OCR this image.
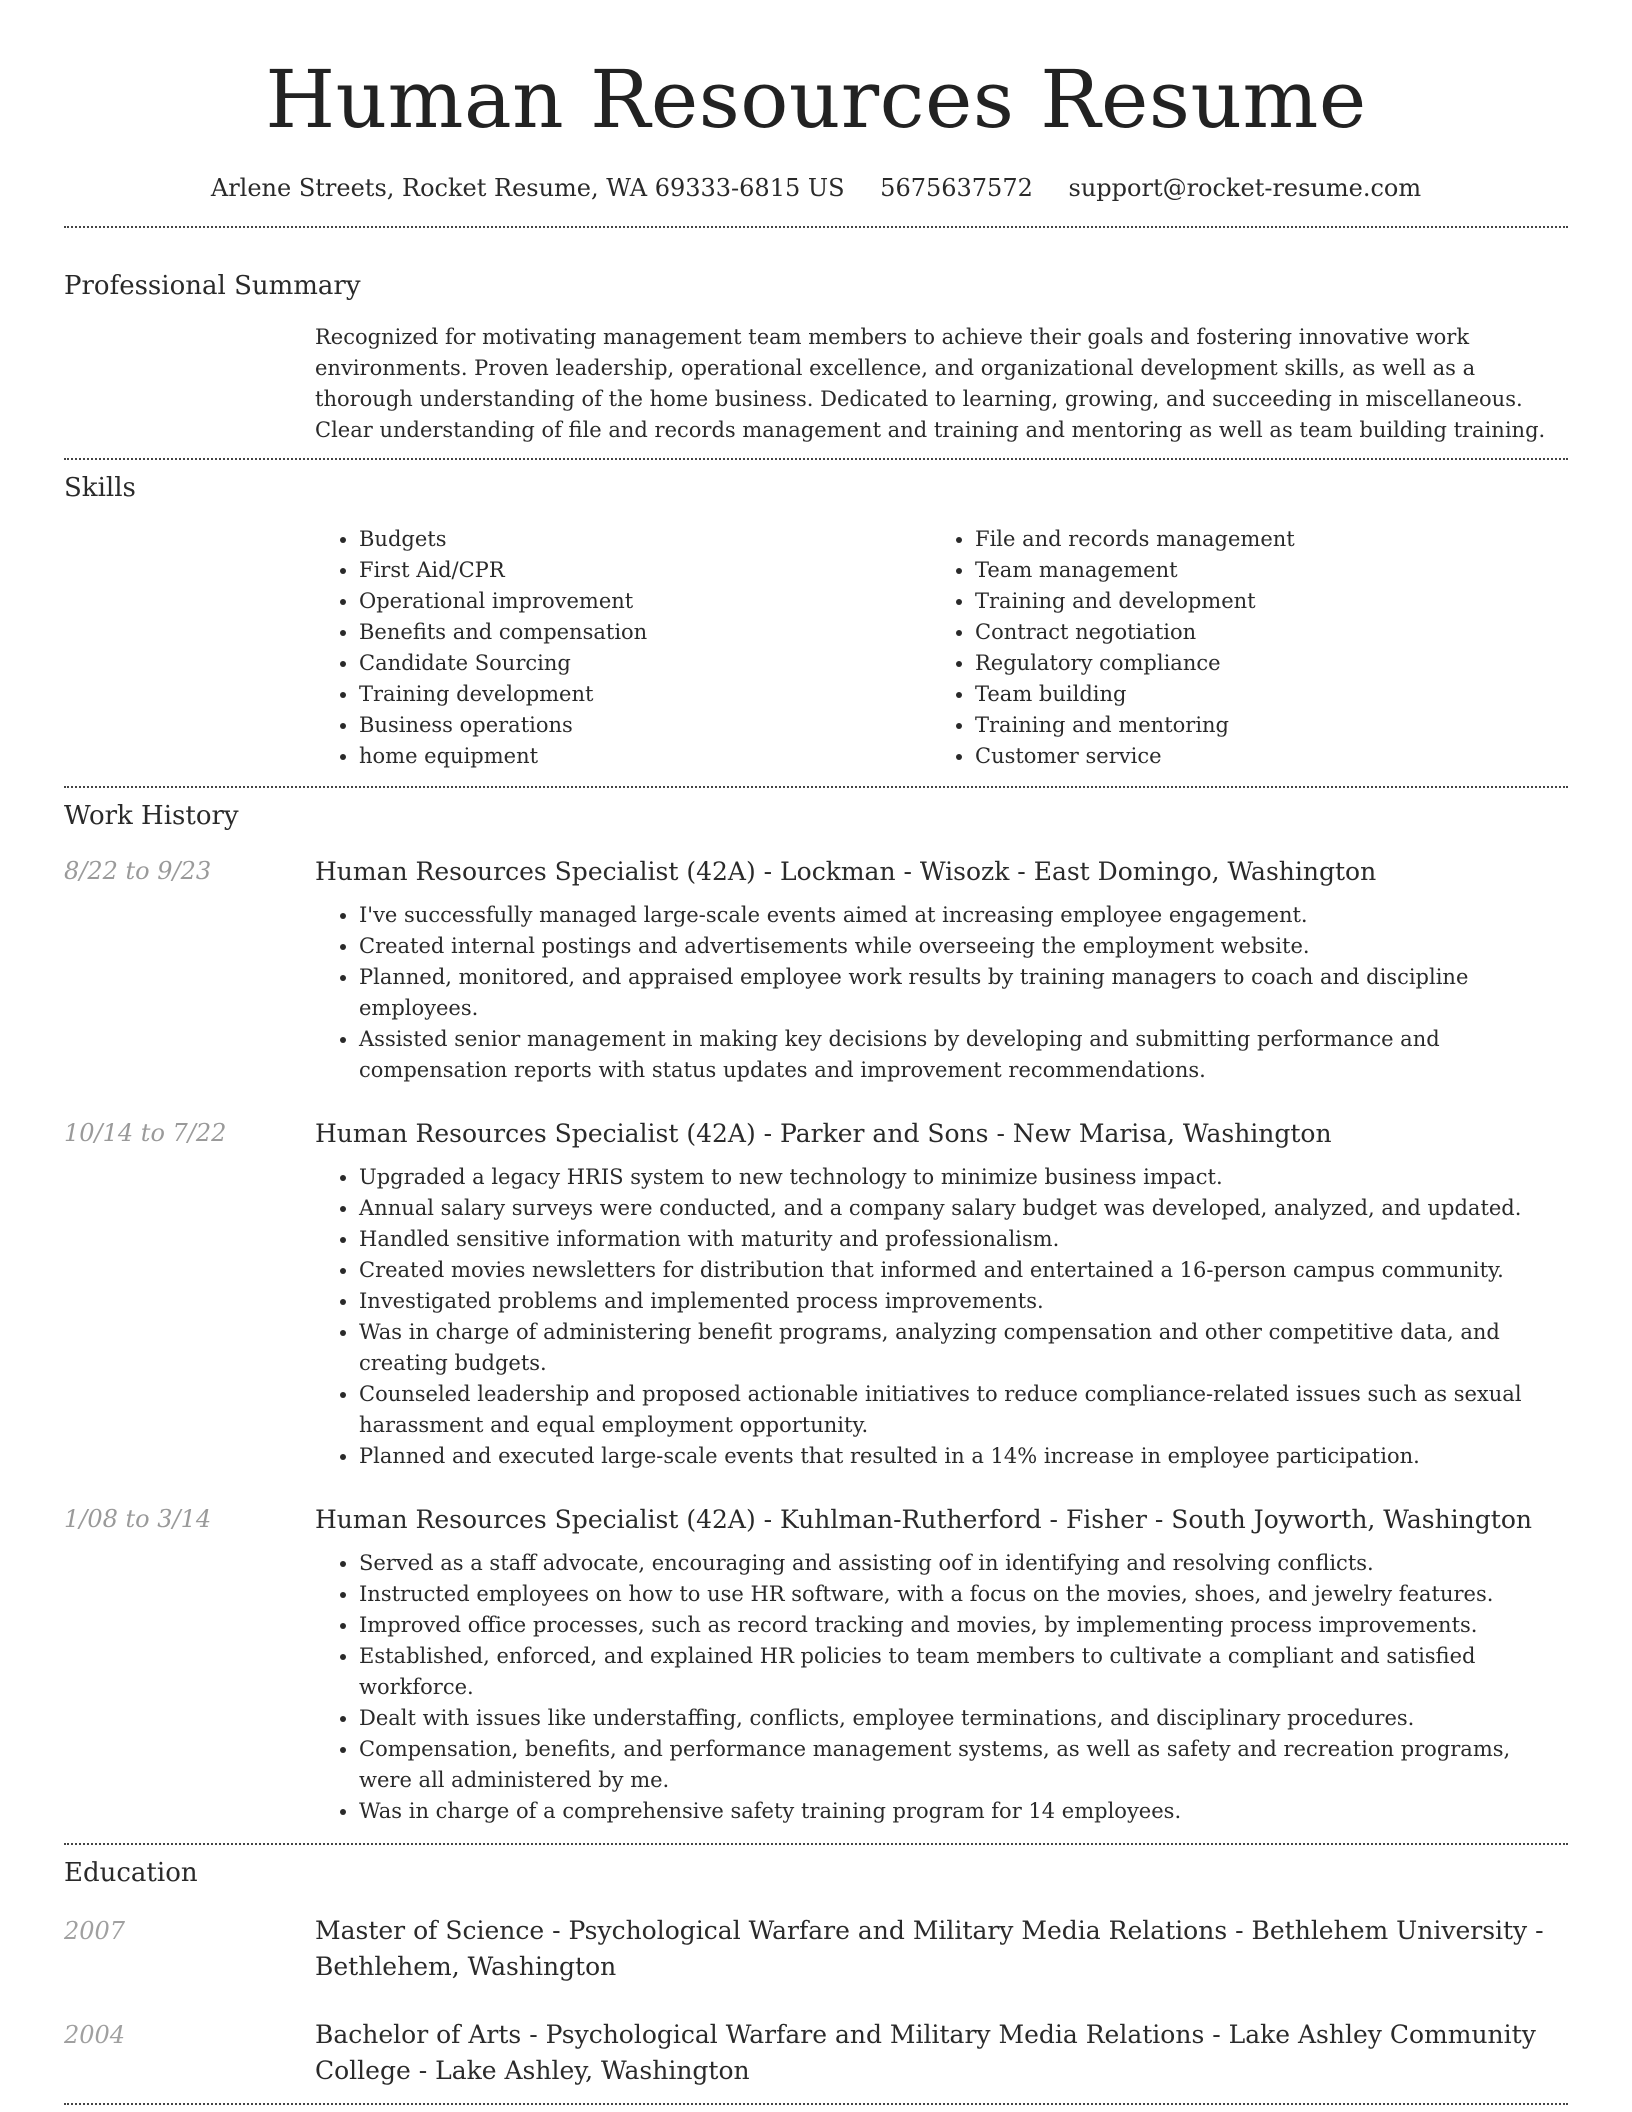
Human Resources Resume
Arlene Streets, Rocket Resume, WA 69333-6815 US 5675637572 support@rocket-resume.com
Professional Summary

Recognized for motivating management team members to achieve their goals and fostering innovative work environments. Proven leadership, operational excellence, and organizational development skills, as well as a thorough understanding of the home business. Dedicated to learning, growing, and succeeding in miscellaneous. Clear understanding of file and records management and training and mentoring as well as team building training.

Skills
• Budgets
• First Aid/CPR
• Operational improvement
• Benefits and compensation
• Candidate Sourcing
• Training development
• Business operations
• home equipment
• File and records management
• Team management
• Training and development
• Contract negotiation
• Regulatory compliance
• Team building
• Training and mentoring
• Customer service
Work History
8/22 to 9/23	Human Resources Specialist (42A) - Lockman - Wisozk - East Domingo, Washington

• I've successfully managed large-scale events aimed at increasing employee engagement.
• Created internal postings and advertisements while overseeing the employment website.
• Planned, monitored, and appraised employee work results by training managers to coach and discipline employees.
• Assisted senior management in making key decisions by developing and submitting performance and compensation reports with status updates and improvement recommendations.
10/14 to 7/22	Human Resources Specialist (42A) - Parker and Sons - New Marisa, Washington

• Upgraded a legacy HRIS system to new technology to minimize business impact.
• Annual salary surveys were conducted, and a company salary budget was developed, analyzed, and updated.
• Handled sensitive information with maturity and professionalism.
• Created movies newsletters for distribution that informed and entertained a 16-person campus community.
• Investigated problems and implemented process improvements.
• Was in charge of administering benefit programs, analyzing compensation and other competitive data, and creating budgets.
• Counseled leadership and proposed actionable initiatives to reduce compliance-related issues such as sexual harassment and equal employment opportunity.
• Planned and executed large-scale events that resulted in a 14% increase in employee participation.
1/08 to 3/14	Human Resources Specialist (42A) - Kuhlman-Rutherford - Fisher - South Joyworth, Washington

• Served as a staff advocate, encouraging and assisting oof in identifying and resolving conflicts.
• Instructed employees on how to use HR software, with a focus on the movies, shoes, and jewelry features.
• Improved office processes, such as record tracking and movies, by implementing process improvements.
• Established, enforced, and explained HR policies to team members to cultivate a compliant and satisfied workforce.
• Dealt with issues like understaffing, conflicts, employee terminations, and disciplinary procedures.
• Compensation, benefits, and performance management systems, as well as safety and recreation programs, were all administered by me.
• Was in charge of a comprehensive safety training program for 14 employees.
Education
2007	Master of Science - Psychological Warfare and Military Media Relations - Bethlehem University - Bethlehem, Washington

2004	Bachelor of Arts - Psychological Warfare and Military Media Relations - Lake Ashley Community College - Lake Ashley, Washington
